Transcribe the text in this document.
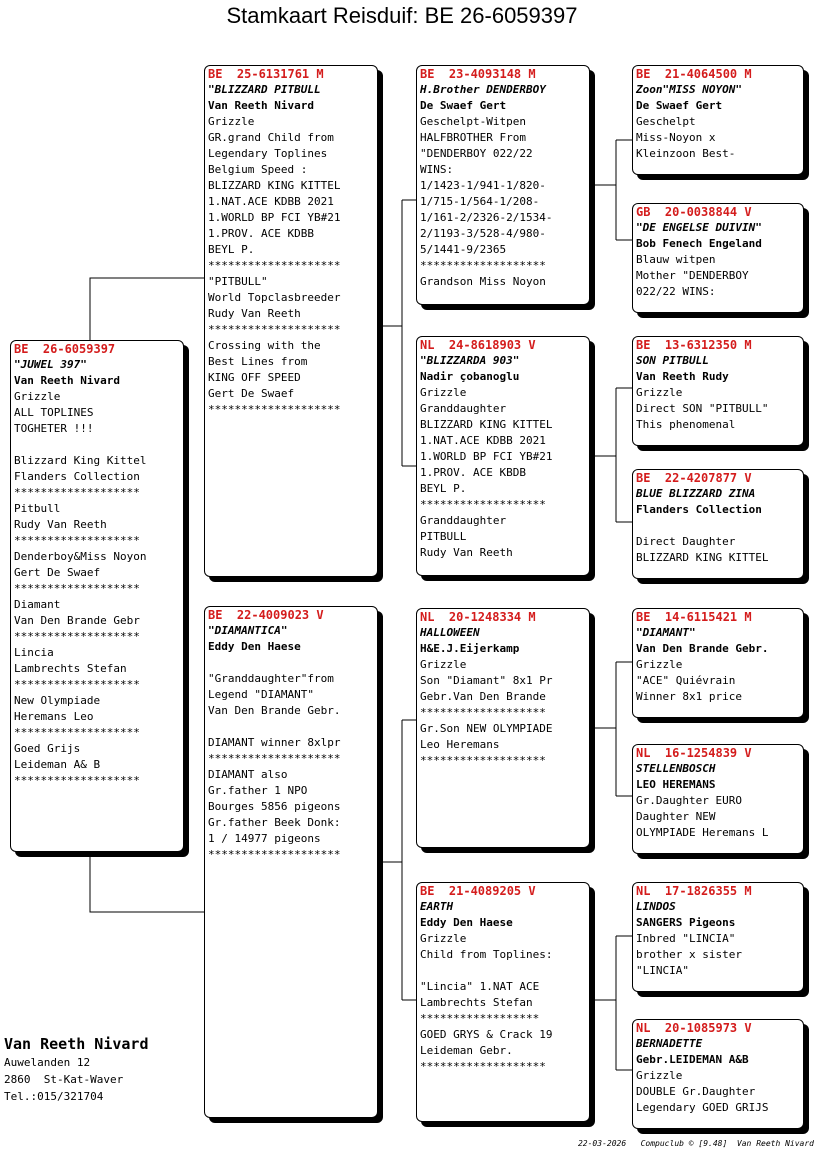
Stamkaart Reisduif: BE 26-6059397
BE  26-6059397
"JUWEL 397"
Van Reeth Nivard
Grizzle
ALL TOPLINES
TOGHETER !!!
Blizzard King Kittel
Flanders Collection
*******************
Pitbull
Rudy Van Reeth
*******************
Denderboy&Miss Noyon
Gert De Swaef
*******************
Diamant
Van Den Brande Gebr
*******************
Lincia
Lambrechts Stefan
*******************
New Olympiade
Heremans Leo
*******************
Goed Grijs
Leideman A& B
*******************
BE  25-6131761 M
"BLIZZARD PITBULL
Van Reeth Nivard
Grizzle
GR.grand Child from
Legendary Toplines
Belgium Speed :
BLIZZARD KING KITTEL
1.NAT.ACE KDBB 2021
1.WORLD BP FCI YB#21
1.PROV. ACE KDBB
BEYL P.
********************
"PITBULL"
World Topclasbreeder
Rudy Van Reeth
********************
Crossing with the
Best Lines from
KING OFF SPEED
Gert De Swaef
********************
BE  22-4009023 V
"DIAMANTICA"
Eddy Den Haese
"Granddaughter"from
Legend "DIAMANT"
Van Den Brande Gebr.
DIAMANT winner 8xlpr
********************
DIAMANT also
Gr.father 1 NPO
Bourges 5856 pigeons
Gr.father Beek Donk:
1 / 14977 pigeons
********************
BE  23-4093148 M
H.Brother DENDERBOY
De Swaef Gert
Geschelpt-Witpen
HALFBROTHER From
"DENDERBOY 022/22
WINS:
1/1423-1/941-1/820-
1/715-1/564-1/208-
1/161-2/2326-2/1534-
2/1193-3/528-4/980-
5/1441-9/2365
*******************
Grandson Miss Noyon
NL  24-8618903 V
"BLIZZARDA 903"
Nadir çobanoglu
Grizzle
Granddaughter
BLIZZARD KING KITTEL
1.NAT.ACE KDBB 2021
1.WORLD BP FCI YB#21
1.PROV. ACE KBDB
BEYL P.
*******************
Granddaughter
PITBULL
Rudy Van Reeth
NL  20-1248334 M
HALLOWEEN
H&E.J.Eijerkamp
Grizzle
Son "Diamant" 8x1 Pr
Gebr.Van Den Brande
*******************
Gr.Son NEW OLYMPIADE
Leo Heremans
*******************
BE  21-4089205 V
EARTH
Eddy Den Haese
Grizzle
Child from Toplines:
"Lincia" 1.NAT ACE
Lambrechts Stefan
******************
GOED GRYS & Crack 19
Leideman Gebr.
*******************
BE  21-4064500 M
Zoon"MISS NOYON"
De Swaef Gert
Geschelpt
Miss-Noyon x
Kleinzoon Best-
GB  20-0038844 V
"DE ENGELSE DUIVIN"
Bob Fenech Engeland
Blauw witpen
Mother "DENDERBOY
022/22 WINS:
BE  13-6312350 M
SON PITBULL
Van Reeth Rudy
Grizzle
Direct SON "PITBULL"
This phenomenal
BE  22-4207877 V
BLUE BLIZZARD ZINA
Flanders Collection
Direct Daughter
BLIZZARD KING KITTEL
BE  14-6115421 M
"DIAMANT"
Van Den Brande Gebr.
Grizzle
"ACE" Quiévrain
Winner 8x1 price
NL  16-1254839 V
STELLENBOSCH
LEO HEREMANS
Gr.Daughter EURO
Daughter NEW
OLYMPIADE Heremans L
NL  17-1826355 M
LINDOS
SANGERS Pigeons
Inbred "LINCIA"
brother x sister
"LINCIA"
NL  20-1085973 V
BERNADETTE
Gebr.LEIDEMAN A&B
Grizzle
DOUBLE Gr.Daughter
Legendary GOED GRIJS
Van Reeth Nivard
Auwelanden 12
2860  St-Kat-Waver
Tel.:015/321704
22-03-2026   Compuclub © [9.48]  Van Reeth Nivard
